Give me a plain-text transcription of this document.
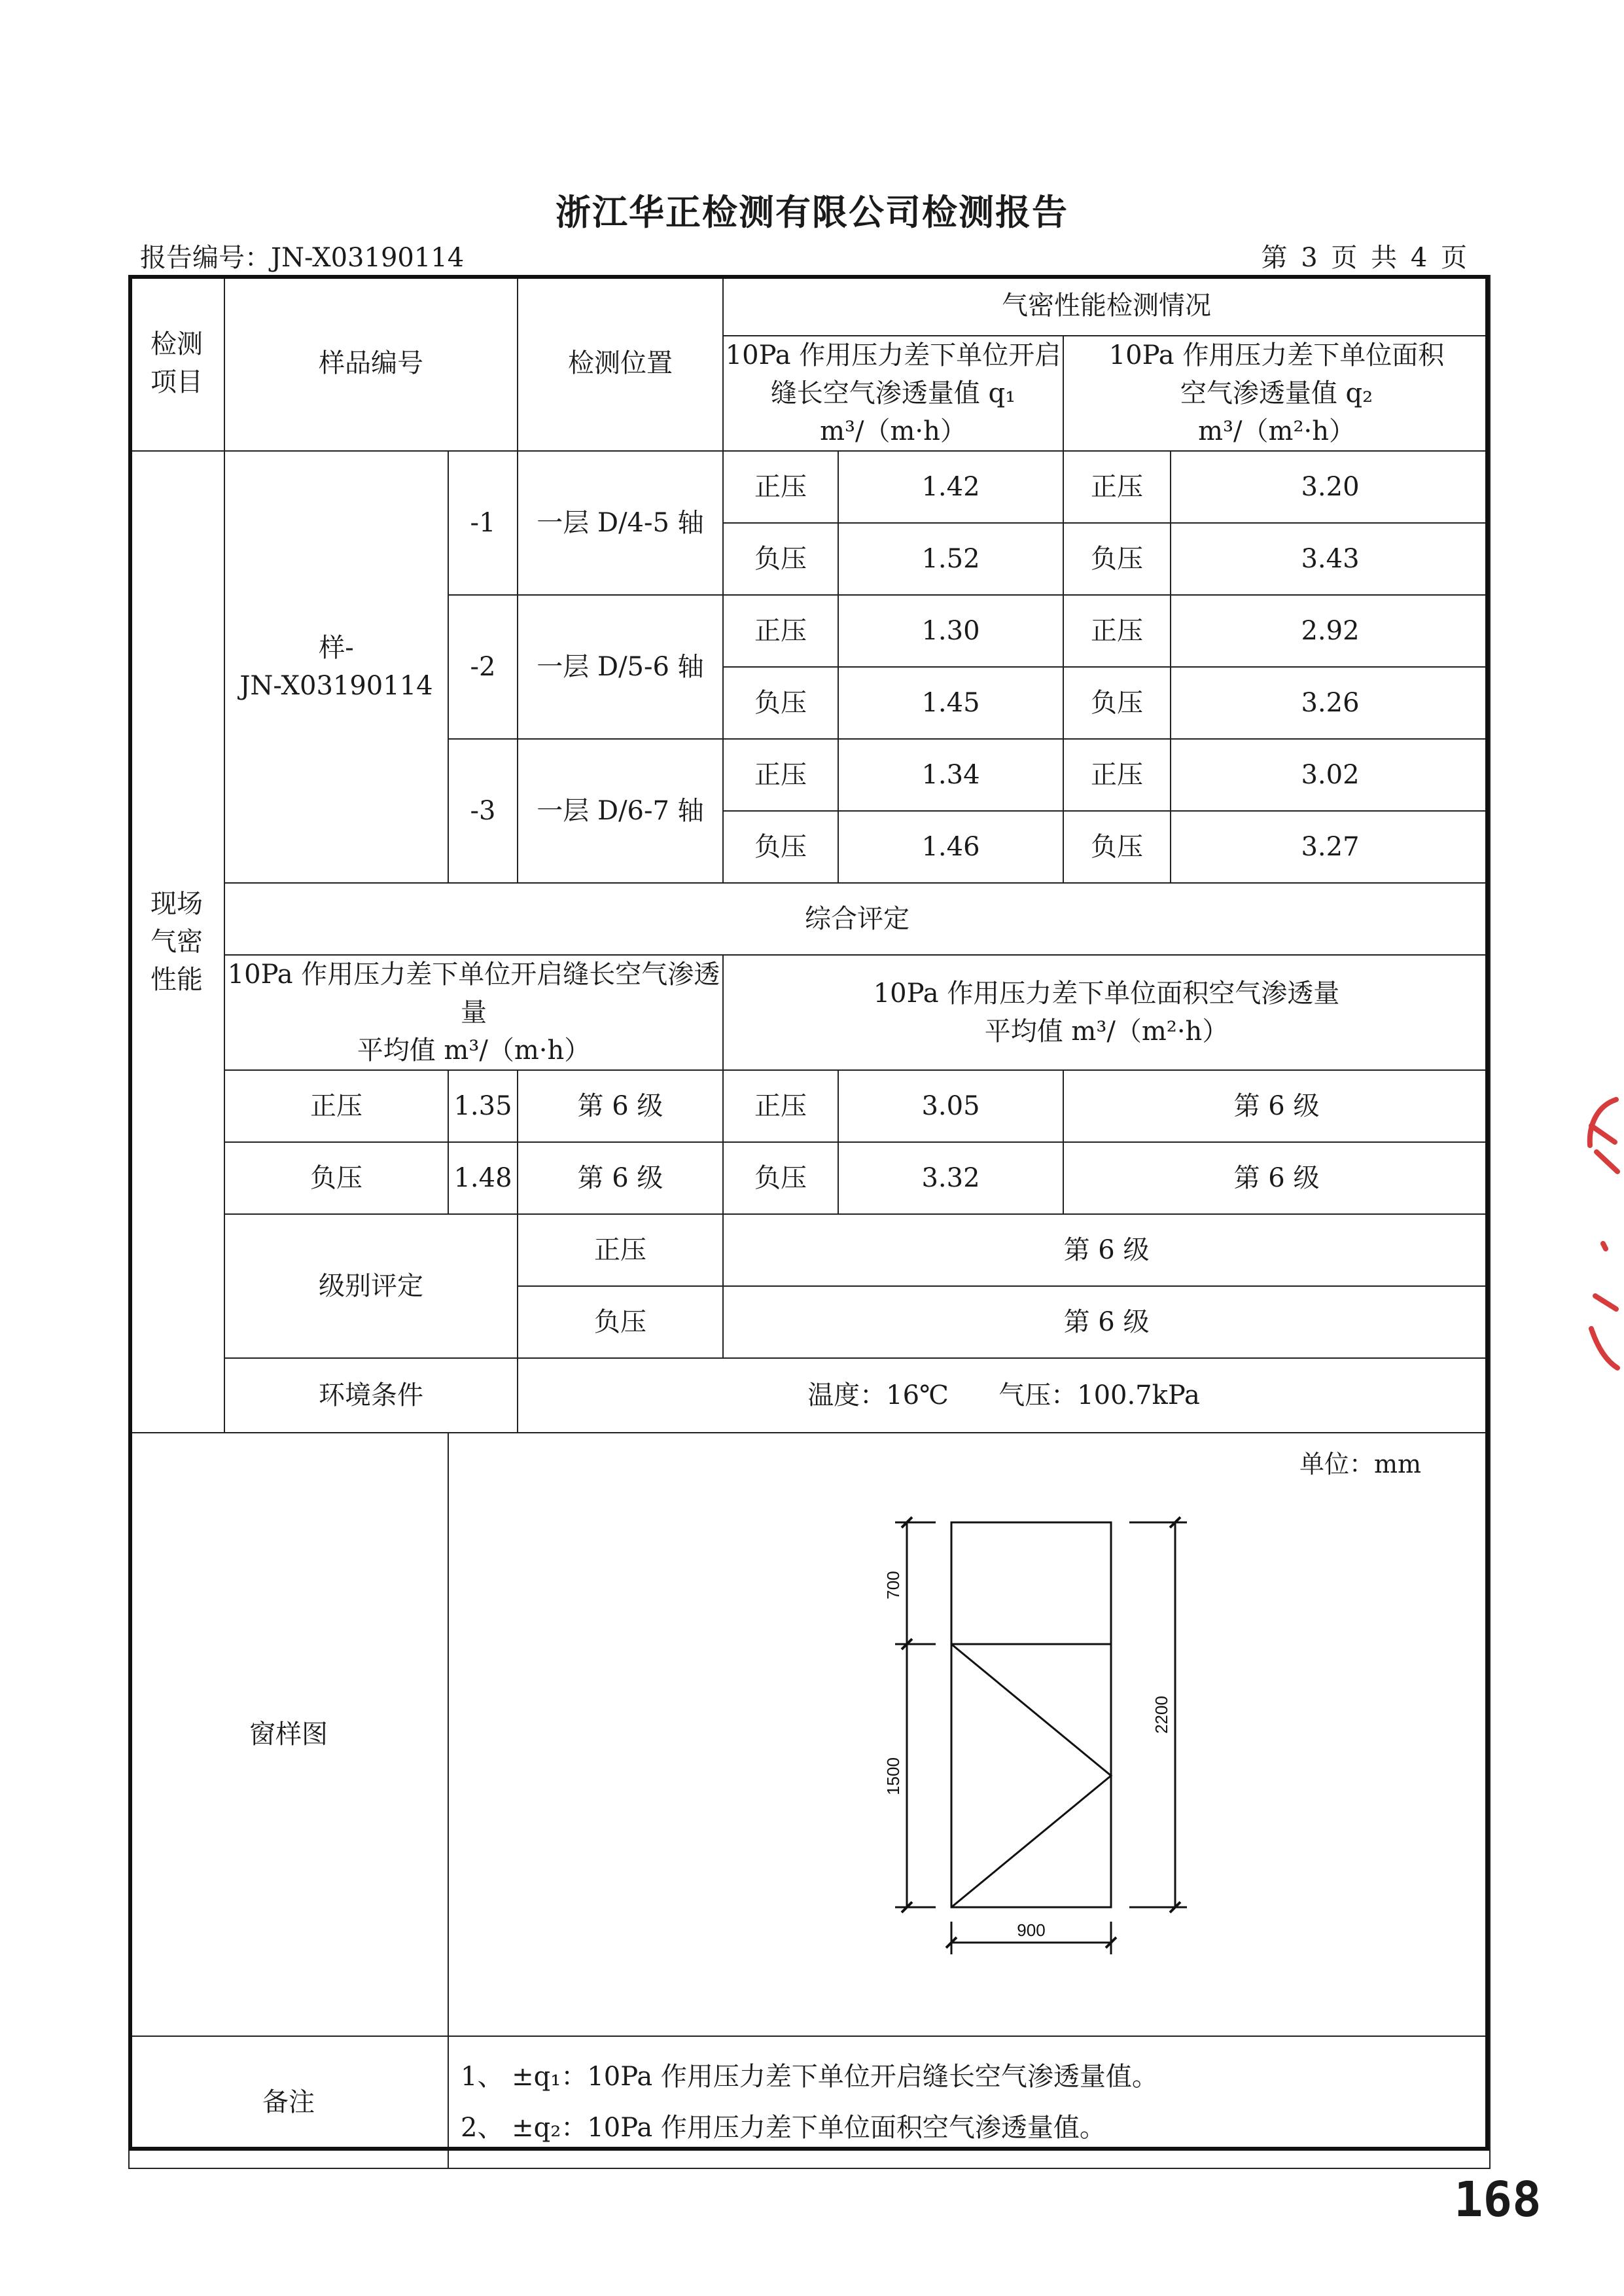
浙江华正检测有限公司检测报告
报告编号：JN-X03190114	第 3 页 共 4 页
检测
项目	样品编号		检测位置	气密性能检测情况			
				10Pa 作用压力差下单位开启
缝长空气渗透量值 q₁
m³/（m·h）		10Pa 作用压力差下单位面积
空气渗透量值 q₂
m³/（m²·h）	
现场
气密
性能	样-
JN-X03190114	-1	一层 D/4-5 轴	正压	1.42	正压	3.20
				负压	1.52	负压	3.43
		-2	一层 D/5-6 轴	正压	1.30	正压	2.92
				负压	1.45	负压	3.26
		-3	一层 D/6-7 轴	正压	1.34	正压	3.02
				负压	1.46	负压	3.27
	综合评定						
	10Pa 作用压力差下单位开启缝长空气渗透量
平均值 m³/（m·h）			10Pa 作用压力差下单位面积空气渗透量
平均值 m³/（m²·h）			
	正压	1.35	第 6 级	正压	3.05	第 6 级	
	负压	1.48	第 6 级	负压	3.32	第 6 级	
	级别评定		正压	第 6 级			
			负压	第 6 级			
	环境条件		温度：16℃      气压：100.7kPa				
窗样图		单位：mm
700
1500
2200
900					

备注		1、 ±q₁：10Pa 作用压力差下单位开启缝长空气渗透量值。
2、 ±q₂：10Pa 作用压力差下单位面积空气渗透量值。					
168
